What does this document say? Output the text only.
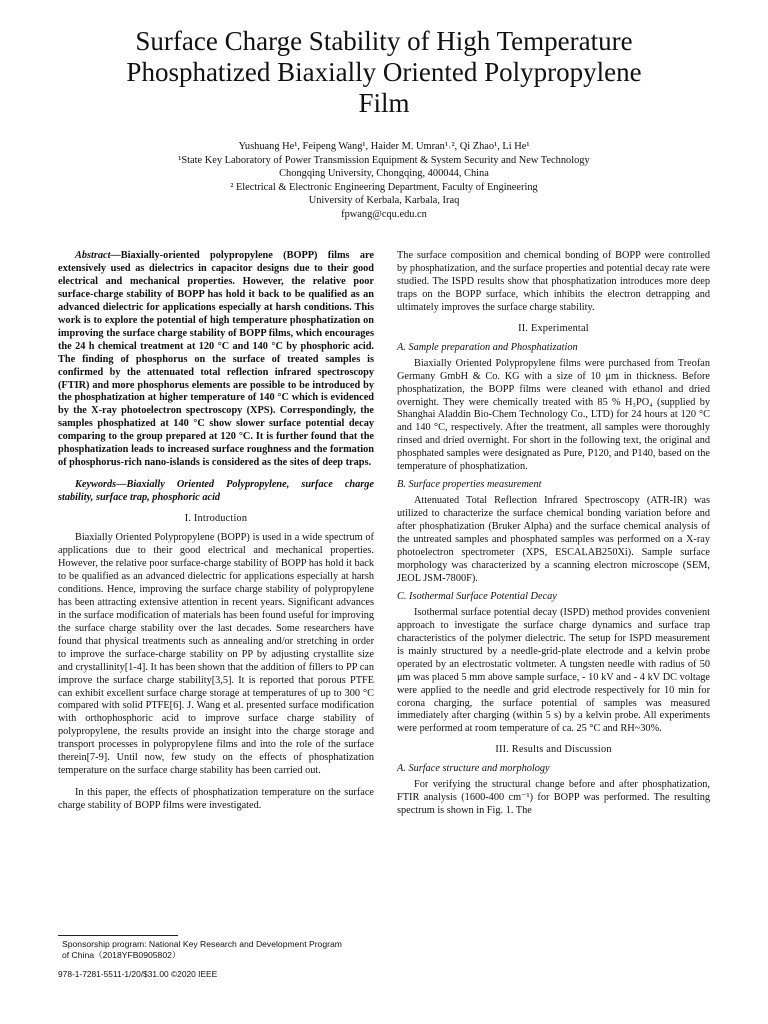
Surface Charge Stability of High Temperature
Phosphatized Biaxially Oriented Polypropylene
Film
Yushuang He¹, Feipeng Wang¹, Haider M. Umran¹˒², Qi Zhao¹, Li He¹
¹State Key Laboratory of Power Transmission Equipment & System Security and New Technology
Chongqing University, Chongqing, 400044, China
² Electrical & Electronic Engineering Department, Faculty of Engineering
University of Kerbala, Karbala, Iraq
fpwang@cqu.edu.cn

Abstract—Biaxially-oriented polypropylene (BOPP) films are extensively used as dielectrics in capacitor designs due to their good electrical and mechanical properties. However, the relative poor surface-charge stability of BOPP has hold it back to be qualified as an advanced dielectric for applications especially at harsh conditions. This work is to explore the potential of high temperature phosphatization on improving the surface charge stability of BOPP films, which encourages the 24 h chemical treatment at 120 °C and 140 °C by phosphoric acid. The finding of phosphorus on the surface of treated samples is confirmed by the attenuated total reflection infrared spectroscopy (FTIR) and more phosphorus elements are possible to be introduced by the phosphatization at higher temperature of 140 °C which is evidenced by the X-ray photoelectron spectroscopy (XPS). Correspondingly, the samples phosphatized at 140 °C show slower surface potential decay comparing to the group prepared at 120 °C. It is further found that the phosphatization leads to increased surface roughness and the formation of phosphorus-rich nano-islands is considered as the sites of deep traps.

Keywords—Biaxially Oriented Polypropylene, surface charge stability, surface trap, phosphoric acid

I. Introduction

Biaxially Oriented Polypropylene (BOPP) is used in a wide spectrum of applications due to their good electrical and mechanical properties. However, the relative poor surface-charge stability of BOPP has hold it back to be qualified as an advanced dielectric for applications especially at harsh conditions. Hence, improving the surface charge stability of polypropylene has been attracting extensive attention in recent years. Significant advances in the surface modification of materials has been found useful for improving the surface charge stability over the last decades. Some researchers have found that physical treatments such as annealing and/or stretching in order to improve the surface-charge stability on PP by adjusting crystallite size and crystallinity[1-4]. It has been shown that the addition of fillers to PP can improve the surface charge stability[3,5]. It is reported that porous PTFE can exhibit excellent surface charge storage at temperatures of up to 300 °C compared with solid PTFE[6]. J. Wang et al. presented surface modification with orthophosphoric acid to improve surface charge stability of polypropylene, the results provide an insight into the charge storage and transport processes in polypropylene films and into the role of the surface therein[7-9]. Until now, few study on the effects of phosphatization temperature on the surface charge stability has been carried out.

In this paper, the effects of phosphatization temperature on the surface charge stability of BOPP films were investigated.

The surface composition and chemical bonding of BOPP were controlled by phosphatization, and the surface properties and potential decay rate were studied. The ISPD results show that phosphatization introduces more deep traps on the BOPP surface, which inhibits the electron detrapping and ultimately improves the surface charge stability.

II. Experimental
A. Sample preparation and Phosphatization

Biaxially Oriented Polypropylene films were purchased from Treofan Germany GmbH & Co. KG with a size of 10 μm in thickness. Before phosphatization, the BOPP films were cleaned with ethanol and dried overnight. They were chemically treated with 85 % H₃PO₄ (supplied by Shanghai Aladdin Bio-Chem Technology Co., LTD) for 24 hours at 120 °C and 140 °C, respectively. After the treatment, all samples were thoroughly rinsed and dried overnight. For short in the following text, the original and phosphated samples were designated as Pure, P120, and P140, based on the temperature of phosphatization.

B. Surface properties measurement

Attenuated Total Reflection Infrared Spectroscopy (ATR-IR) was utilized to characterize the surface chemical bonding variation before and after phosphatization (Bruker Alpha) and the surface chemical analysis of the untreated samples and phosphated samples was performed on a X-ray photoelectron spectrometer (XPS, ESCALAB250Xi). Sample surface morphology was characterized by a scanning electron microscope (SEM, JEOL JSM-7800F).

C. Isothermal Surface Potential Decay

Isothermal surface potential decay (ISPD) method provides convenient approach to investigate the surface charge dynamics and surface trap characteristics of the polymer dielectric. The setup for ISPD measurement is mainly structured by a needle-grid-plate electrode and a kelvin probe operated by an electrostatic voltmeter. A tungsten needle with radius of 50 μm was placed 5 mm above sample surface, - 10 kV and - 4 kV DC voltage were applied to the needle and grid electrode respectively for 10 min for corona charging, the surface potential of samples was measured immediately after charging (within 5 s) by a kelvin probe. All experiments were performed at room temperature of ca. 25 °C and RH~30%.

III. Results and Discussion
A. Surface structure and morphology

For verifying the structural change before and after phosphatization, FTIR analysis (1600-400 cm⁻¹) for BOPP was performed. The resulting spectrum is shown in Fig. 1. The

Sponsorship program: National Key Research and Development Program
of China（2018YFB0905802）
978-1-7281-5511-1/20/$31.00 ©2020 IEEE
